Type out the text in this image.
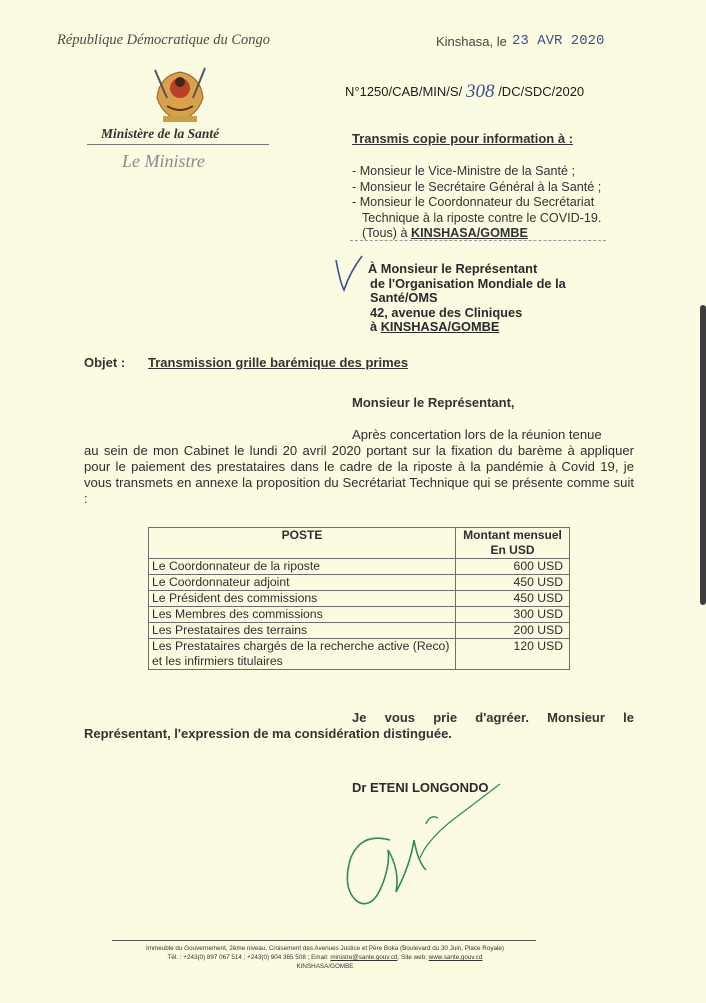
République Démocratique du Congo	Kinshasa, le 23 AVR 2020
N°1250/CAB/MIN/S/ 308 /DC/SDC/2020
Ministère de la Santé
Le Ministre
Transmis copie pour information à :
- Monsieur le Vice-Ministre de la Santé ;
- Monsieur le Secrétaire Général à la Santé ;
- Monsieur le Coordonnateur du Secrétariat
Technique à la riposte contre le COVID-19.
(Tous) à KINSHASA/GOMBE
À Monsieur le Représentant
de l'Organisation Mondiale de la
Santé/OMS
42, avenue des Cliniques
à KINSHASA/GOMBE
Objet : Transmission grille barémique des primes
Monsieur le Représentant,
Après concertation lors de la réunion tenue
au sein de mon Cabinet le lundi 20 avril 2020 portant sur la fixation du barème à appliquer pour le paiement des prestataires dans le cadre de la riposte à la pandémie à Covid 19, je vous transmets en annexe la proposition du Secrétariat Technique qui se présente comme suit :
POSTE	Montant mensuel
En USD

Le Coordonnateur de la riposte	600 USD
Le Coordonnateur adjoint	450 USD
Le Président des commissions	450 USD
Les Membres des commissions	300 USD
Les Prestataires des terrains	200 USD

Les Prestataires chargés de la recherche active (Reco)
et les infirmiers titulaires	120 USD
Je vous prie d'agréer. Monsieur le
Représentant, l'expression de ma considération distinguée.
Dr ETENI LONGONDO
Immeuble du Gouvernement, 2ème niveau, Croisement des Avenues Justice et Père Boka (Boulevard du 30 Juin, Place Royale)
Tél. : +243(0) 897 067 514 ; +243(0) 904 365 508 ; Email: ministre@sante.gouv.cd, Site web: www.sante.gouv.cd
KINSHASA/GOMBE
